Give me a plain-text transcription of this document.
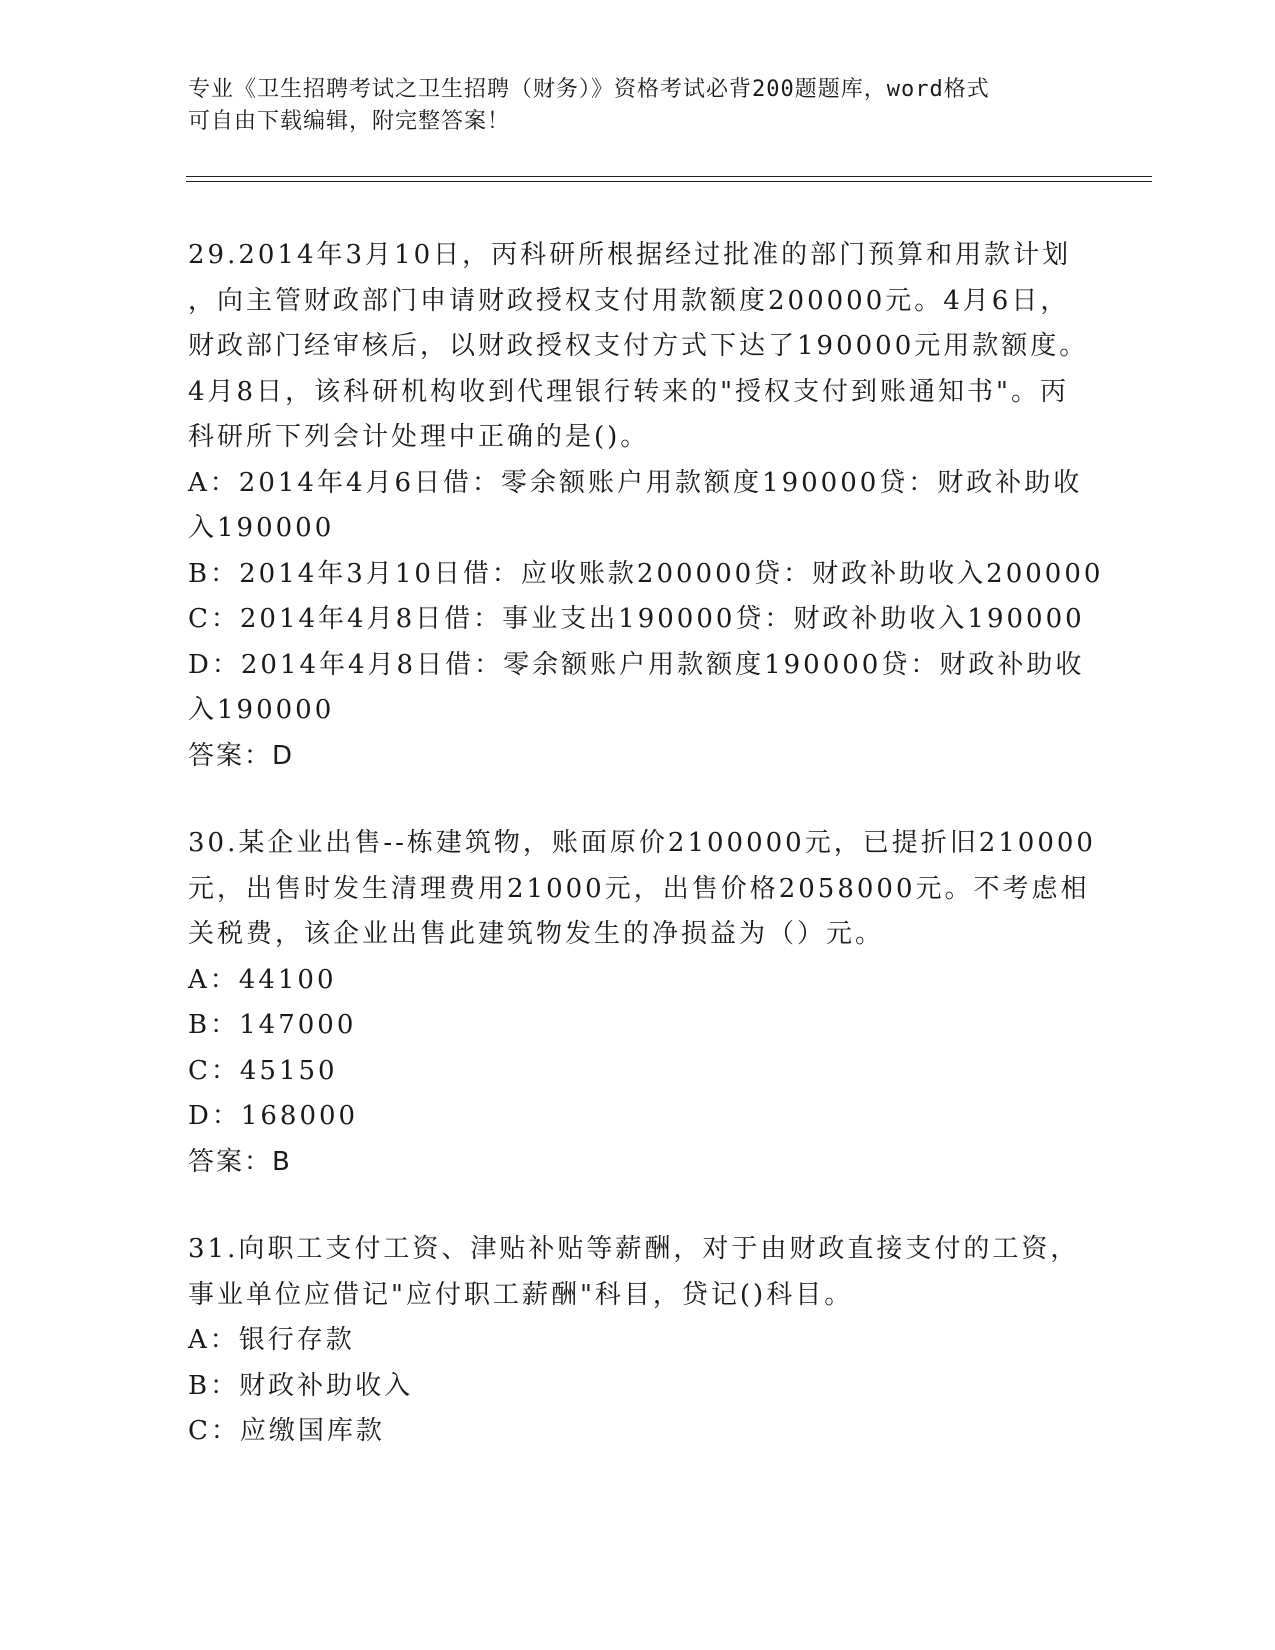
专业《卫生招聘考试之卫生招聘（财务）》资格考试必背200题题库，word格式
可自由下载编辑，附完整答案！
29.2014年3月10日，丙科研所根据经过批准的部门预算和用款计划
，向主管财政部门申请财政授权支付用款额度200000元。4月6日，
财政部门经审核后，以财政授权支付方式下达了190000元用款额度。
4月8日，该科研机构收到代理银行转来的"授权支付到账通知书"。丙
科研所下列会计处理中正确的是()。
A：2014年4月6日借：零余额账户用款额度190000贷：财政补助收
入190000
B：2014年3月10日借：应收账款200000贷：财政补助收入200000
C：2014年4月8日借：事业支出190000贷：财政补助收入190000
D：2014年4月8日借：零余额账户用款额度190000贷：财政补助收
入190000
答案：D
30.某企业出售--栋建筑物，账面原价2100000元，已提折旧210000
元，出售时发生清理费用21000元，出售价格2058000元。不考虑相
关税费，该企业出售此建筑物发生的净损益为（）元。
A：44100
B：147000
C：45150
D：168000
答案：B
31.向职工支付工资、津贴补贴等薪酬，对于由财政直接支付的工资，
事业单位应借记"应付职工薪酬"科目，贷记()科目。
A：银行存款
B：财政补助收入
C：应缴国库款
